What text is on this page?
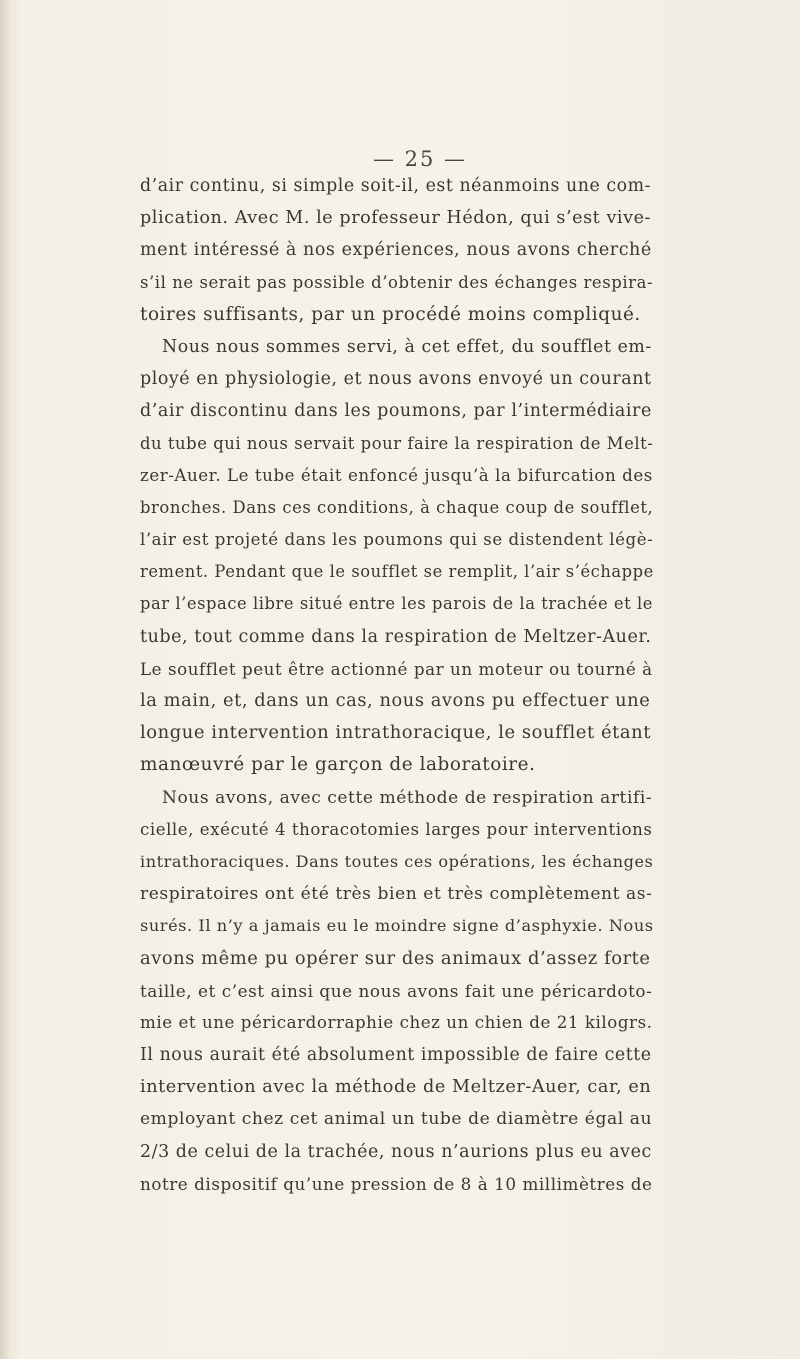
— 25 —
d’air continu, si simple soit-il, est néanmoins une com-
plication. Avec M. le professeur Hédon, qui s’est vive-
ment intéressé à nos expériences, nous avons cherché
s’il ne serait pas possible d’obtenir des échanges respira-
toires suffisants, par un procédé moins compliqué.
Nous nous sommes servi, à cet effet, du soufflet em-
ployé en physiologie, et nous avons envoyé un courant
d’air discontinu dans les poumons, par l’intermédiaire
du tube qui nous servait pour faire la respiration de Melt-
zer-Auer. Le tube était enfoncé jusqu’à la bifurcation des
bronches. Dans ces conditions, à chaque coup de soufflet,
l’air est projeté dans les poumons qui se distendent légè-
rement. Pendant que le soufflet se remplit, l’air s’échappe
par l’espace libre situé entre les parois de la trachée et le
tube, tout comme dans la respiration de Meltzer-Auer.
Le soufflet peut être actionné par un moteur ou tourné à
la main, et, dans un cas, nous avons pu effectuer une
longue intervention intrathoracique, le soufflet étant
manœuvré par le garçon de laboratoire.
Nous avons, avec cette méthode de respiration artifi-
cielle, exécuté 4 thoracotomies larges pour interventions
intrathoraciques. Dans toutes ces opérations, les échanges
respiratoires ont été très bien et très complètement as-
surés. Il n’y a jamais eu le moindre signe d’asphyxie. Nous
avons même pu opérer sur des animaux d’assez forte
taille, et c’est ainsi que nous avons fait une péricardoto-
mie et une péricardorraphie chez un chien de 21 kilogrs.
Il nous aurait été absolument impossible de faire cette
intervention avec la méthode de Meltzer-Auer, car, en
employant chez cet animal un tube de diamètre égal au
2/3 de celui de la trachée, nous n’aurions plus eu avec
notre dispositif qu’une pression de 8 à 10 millimètres de
